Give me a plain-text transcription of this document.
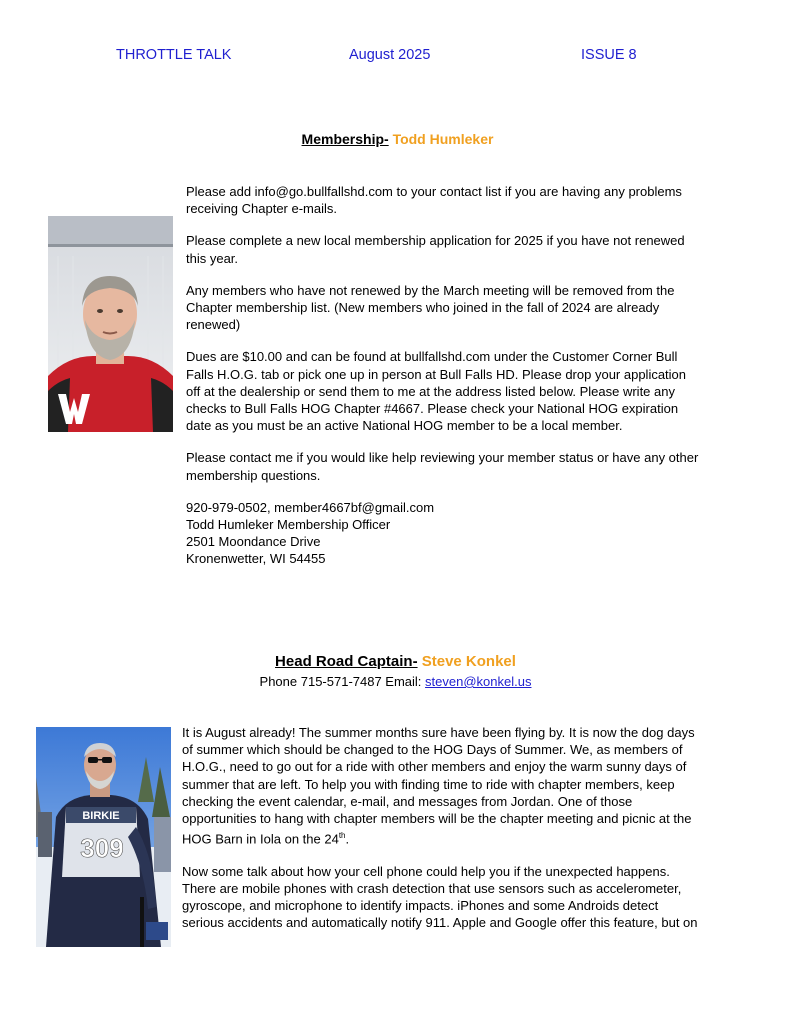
THROTTLE TALK	August 2025	ISSUE 8
Membership- Todd Humleker

Please add info@go.bullfallshd.com to your contact list if you are having any problems receiving Chapter e-mails.

Please complete a new local membership application for 2025 if you have not renewed this year.

Any members who have not renewed by the March meeting will be removed from the Chapter membership list. (New members who joined in the fall of 2024 are already renewed)

Dues are $10.00 and can be found at bullfallshd.com under the Customer Corner Bull Falls H.O.G. tab or pick one up in person at Bull Falls HD. Please drop your application off at the dealership or send them to me at the address listed below. Please write any checks to Bull Falls HOG Chapter #4667. Please check your National HOG expiration date as you must be an active National HOG member to be a local member.

Please contact me if you would like help reviewing your member status or have any other membership questions.

920-979-0502, member4667bf@gmail.com

Todd Humleker Membership Officer

2501 Moondance Drive

Kronenwetter, WI 54455

Head Road Captain- Steve Konkel
Phone 715-571-7487 Email: steven@konkel.us
BIRKIE
309

It is August already! The summer months sure have been flying by. It is now the dog days of summer which should be changed to the HOG Days of Summer. We, as members of H.O.G., need to go out for a ride with other members and enjoy the warm sunny days of summer that are left. To help you with finding time to ride with chapter members, keep checking the event calendar, e-mail, and messages from Jordan. One of those opportunities to hang with chapter members will be the chapter meeting and picnic at the HOG Barn in Iola on the 24th.

Now some talk about how your cell phone could help you if the unexpected happens. There are mobile phones with crash detection that use sensors such as accelerometer, gyroscope, and microphone to identify impacts. iPhones and some Androids detect serious accidents and automatically notify 911. Apple and Google offer this feature, but on
